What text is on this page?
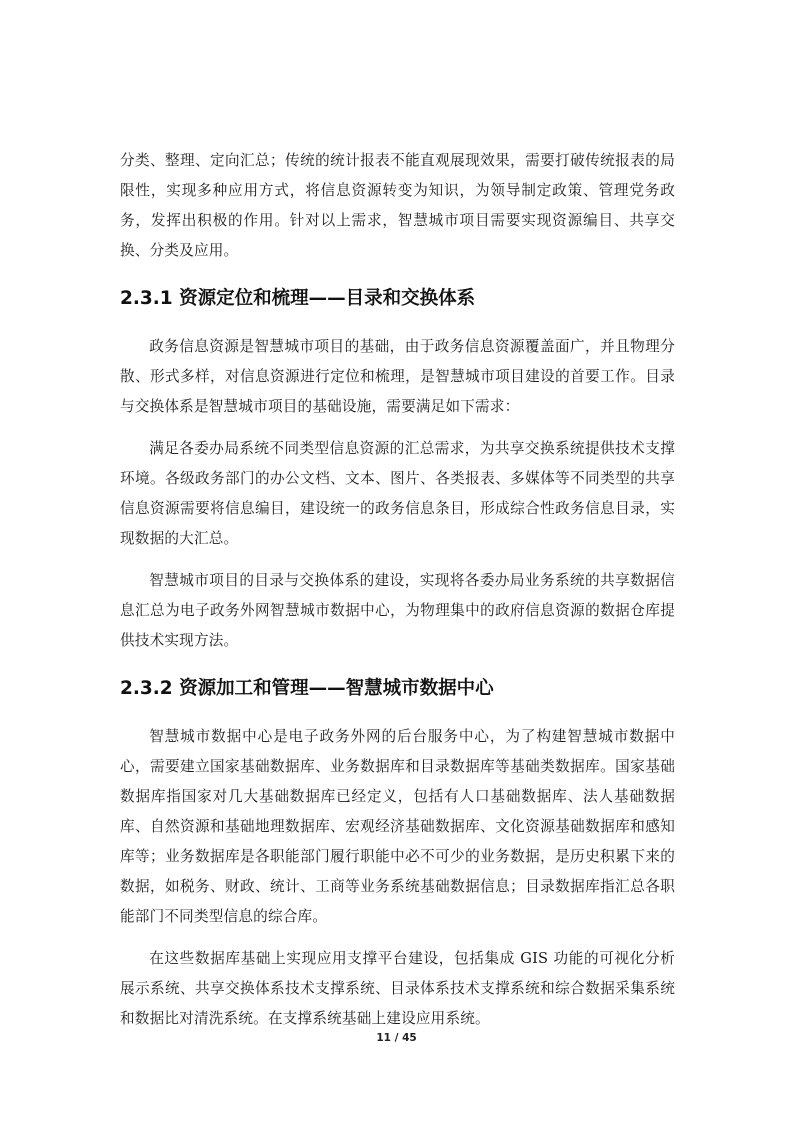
分类、整理、定向汇总；传统的统计报表不能直观展现效果，需要打破传统报表的局限性，实现多种应用方式，将信息资源转变为知识，为领导制定政策、管理党务政务，发挥出积极的作用。针对以上需求，智慧城市项目需要实现资源编目、共享交换、分类及应用。

2.3.1 资源定位和梳理——目录和交换体系

政务信息资源是智慧城市项目的基础，由于政务信息资源覆盖面广，并且物理分散、形式多样，对信息资源进行定位和梳理，是智慧城市项目建设的首要工作。目录与交换体系是智慧城市项目的基础设施，需要满足如下需求：

满足各委办局系统不同类型信息资源的汇总需求，为共享交换系统提供技术支撑环境。各级政务部门的办公文档、文本、图片、各类报表、多媒体等不同类型的共享信息资源需要将信息编目，建设统一的政务信息条目，形成综合性政务信息目录，实现数据的大汇总。

智慧城市项目的目录与交换体系的建设，实现将各委办局业务系统的共享数据信息汇总为电子政务外网智慧城市数据中心，为物理集中的政府信息资源的数据仓库提供技术实现方法。

2.3.2 资源加工和管理——智慧城市数据中心

智慧城市数据中心是电子政务外网的后台服务中心，为了构建智慧城市数据中心，需要建立国家基础数据库、业务数据库和目录数据库等基础类数据库。国家基础数据库指国家对几大基础数据库已经定义，包括有人口基础数据库、法人基础数据库、自然资源和基础地理数据库、宏观经济基础数据库、文化资源基础数据库和感知库等；业务数据库是各职能部门履行职能中必不可少的业务数据，是历史积累下来的数据，如税务、财政、统计、工商等业务系统基础数据信息；目录数据库指汇总各职能部门不同类型信息的综合库。

在这些数据库基础上实现应用支撑平台建设，包括集成 GIS 功能的可视化分析展示系统、共享交换体系技术支撑系统、目录体系技术支撑系统和综合数据采集系统和数据比对清洗系统。在支撑系统基础上建设应用系统。

11 / 45
